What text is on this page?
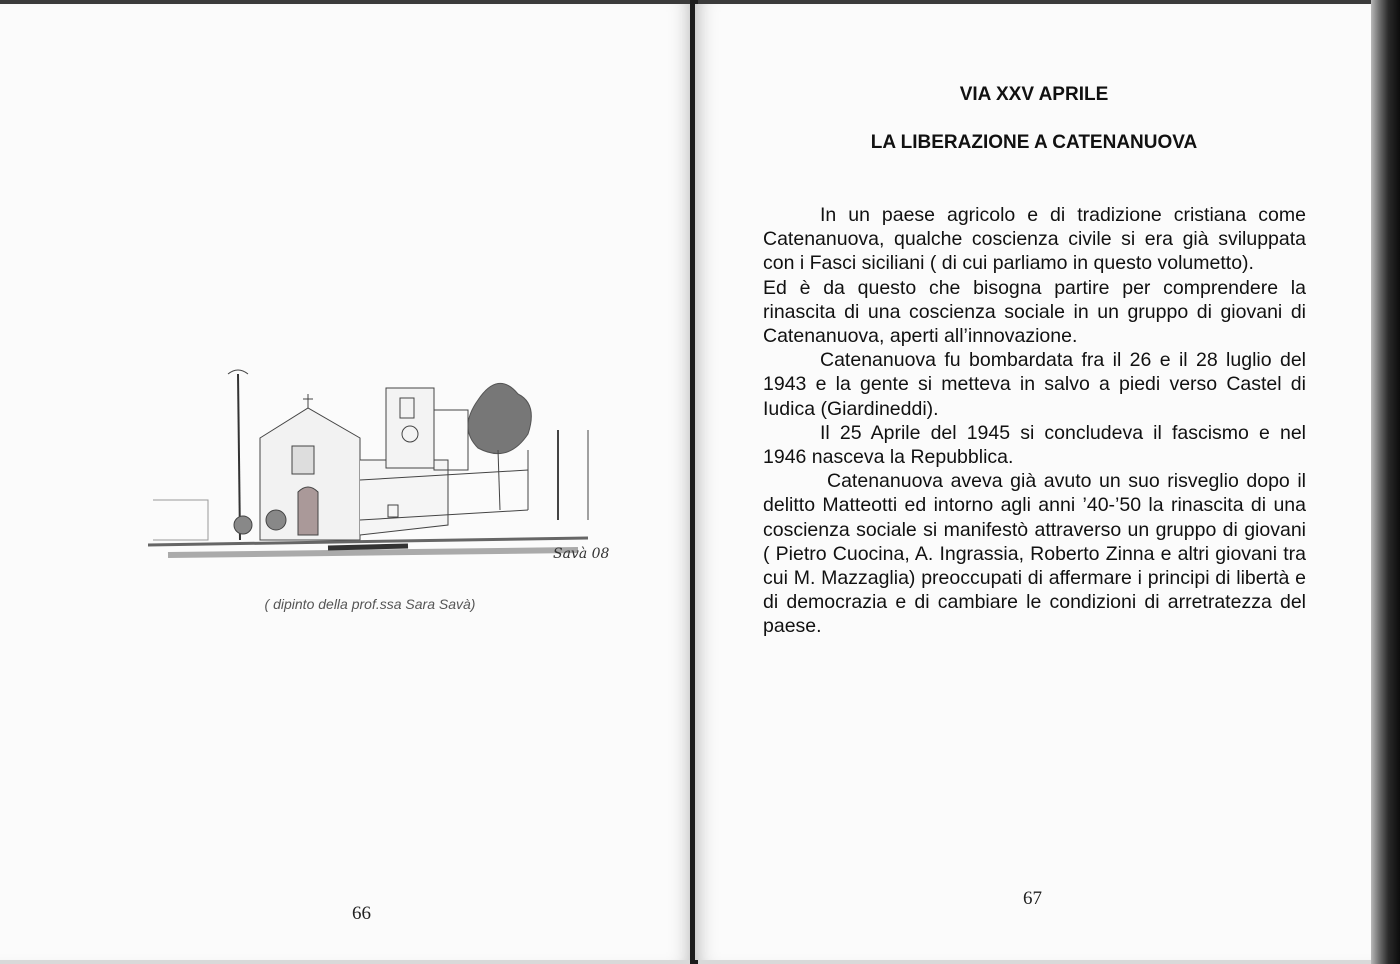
Savà 08
( dipinto della prof.ssa Sara Savà)
66
VIA XXV APRILE
LA LIBERAZIONE A CATENANUOVA

In un paese agricolo e di tradizione cristiana come Catenanuova, qualche coscienza civile si era già sviluppata con i Fasci siciliani ( di cui parliamo in questo volumetto).

Ed è da questo che bisogna partire per comprendere la rinascita di una coscienza sociale in un gruppo di giovani di Catenanuova, aperti all’innovazione.

Catenanuova fu bombardata fra il 26 e il 28 luglio del 1943 e la gente si metteva in salvo a piedi verso Castel di Iudica (Giardineddi).

Il 25 Aprile del 1945 si concludeva il fascismo e nel 1946 nasceva la Repubblica.

Catenanuova aveva già avuto un suo risveglio dopo il delitto Matteotti ed intorno agli anni ’40-’50 la rinascita di una coscienza sociale si manifestò attraverso un gruppo di giovani ( Pietro Cuocina, A. Ingrassia, Roberto Zinna e altri giovani tra cui M. Mazzaglia) preoccupati di affermare i principi di libertà e di democrazia e di cambiare le condizioni di arretratezza del paese.

67
